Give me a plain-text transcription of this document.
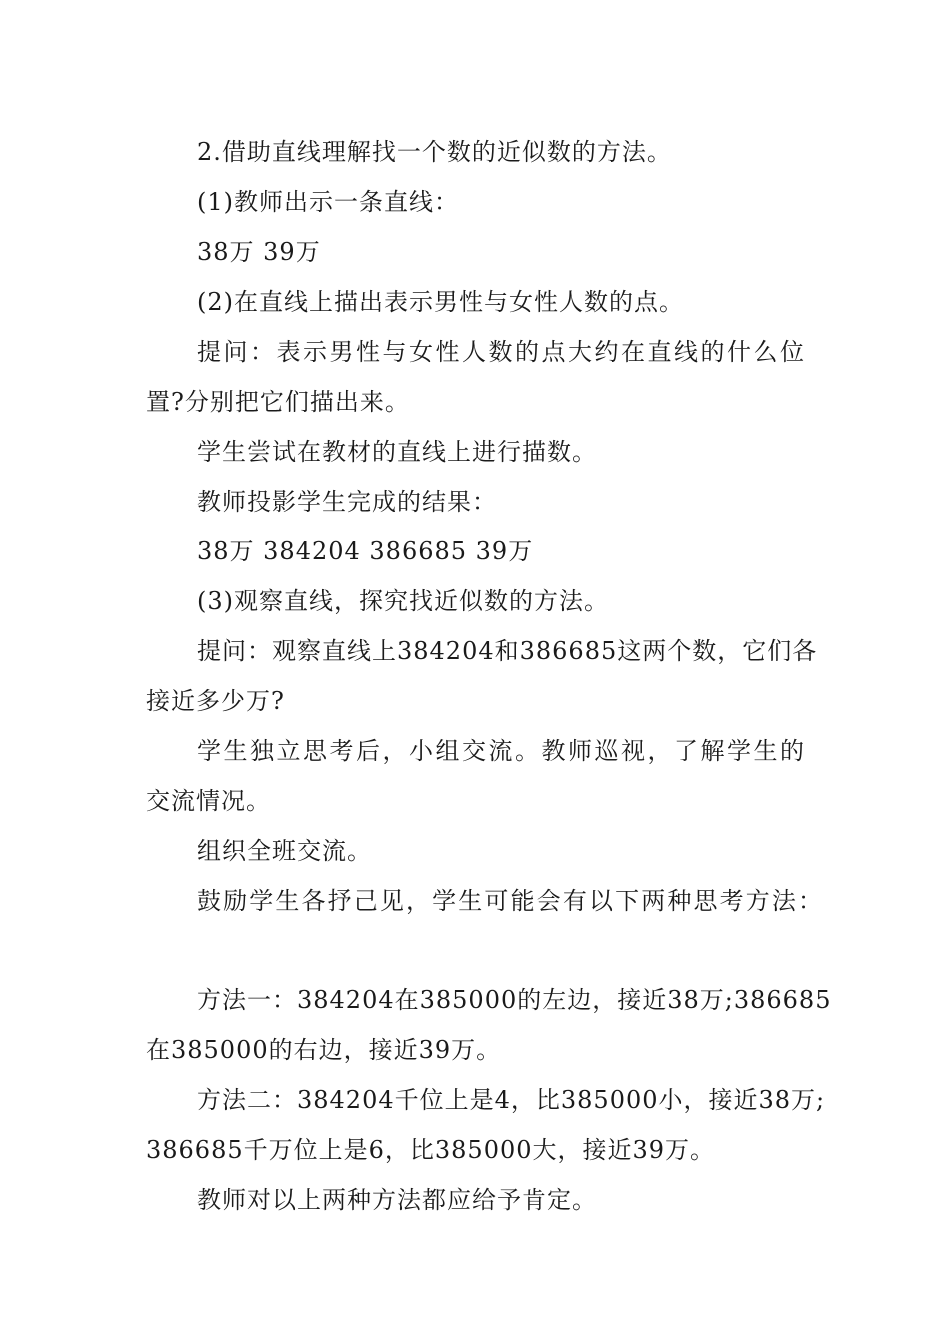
2.借助直线理解找一个数的近似数的方法。
(1)教师出示一条直线：
38万 39万
(2)在直线上描出表示男性与女性人数的点。
提问：表示男性与女性人数的点大约在直线的什么位
置?分别把它们描出来。
学生尝试在教材的直线上进行描数。
教师投影学生完成的结果：
38万 384204 386685 39万
(3)观察直线，探究找近似数的方法。
提问：观察直线上384204和386685这两个数，它们各
接近多少万?
学生独立思考后，小组交流。教师巡视，了解学生的
交流情况。
组织全班交流。
鼓励学生各抒己见，学生可能会有以下两种思考方法：
方法一：384204在385000的左边，接近38万;386685
在385000的右边，接近39万。
方法二：384204千位上是4，比385000小，接近38万;
386685千万位上是6，比385000大，接近39万。
教师对以上两种方法都应给予肯定。
